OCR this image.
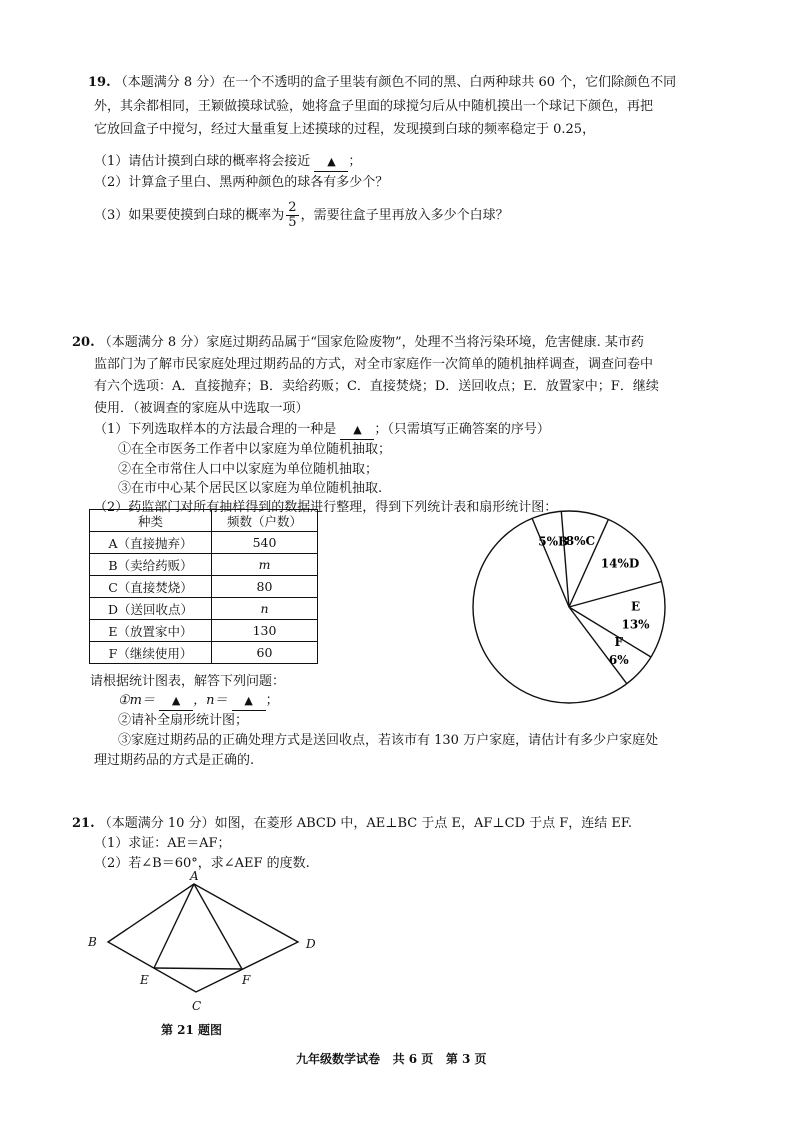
19. （本题满分 8 分）在一个不透明的盒子里装有颜色不同的黑、白两种球共 60 个，它们除颜色不同
外，其余都相同，王颖做摸球试验，她将盒子里面的球搅匀后从中随机摸出一个球记下颜色，再把
它放回盒子中搅匀，经过大量重复上述摸球的过程，发现摸到白球的频率稳定于 0.25，
（1）请估计摸到白球的概率将会接近 ▲ ；
（2）计算盒子里白、黑两种颜色的球各有多少个？
（3）如果要使摸到白球的概率为 $\frac{2}{5}$ ，需要往盒子里再放入多少个白球？
20. （本题满分 8 分）家庭过期药品属于“国家危险废物”，处理不当将污染环境，危害健康. 某市药
监部门为了解市民家庭处理过期药品的方式，对全市家庭作一次简单的随机抽样调查，调查问卷中
有六个选项：A．直接抛弃；B．卖给药贩；C．直接焚烧；D．送回收点；E．放置家中；F．继续
使用．（被调查的家庭从中选取一项）
（1）下列选取样本的方法最合理的一种是 ▲ ；（只需填写正确答案的序号）
①在全市医务工作者中以家庭为单位随机抽取；
②在全市常住人口中以家庭为单位随机抽取；
③在市中心某个居民区以家庭为单位随机抽取.
（2）药监部门对所有抽样得到的数据进行整理，得到下列统计表和扇形统计图：
种类	频数（户数）
A（直接抛弃）	540
B（卖给药贩）	m
C（直接焚烧）	80
D（送回收点）	n
E（放置家中）	130
F（继续使用）	60
F
6%
E
13%
14%D
8%C
5%B
请根据统计图表，解答下列问题：
①m＝ ▲ ，n＝ ▲ ；
②请补全扇形统计图；
③家庭过期药品的正确处理方式是送回收点，若该市有 130 万户家庭，请估计有多少户家庭处
理过期药品的方式是正确的.
21. （本题满分 10 分）如图，在菱形 ABCD 中，AE⊥BC 于点 E，AF⊥CD 于点 F，连结 EF.
（1）求证：AE＝AF；
（2）若∠B＝60°，求∠AEF 的度数.
A
B
C
D
E	F
第 21 题图
九年级数学试卷 共 6 页 第 3 页
